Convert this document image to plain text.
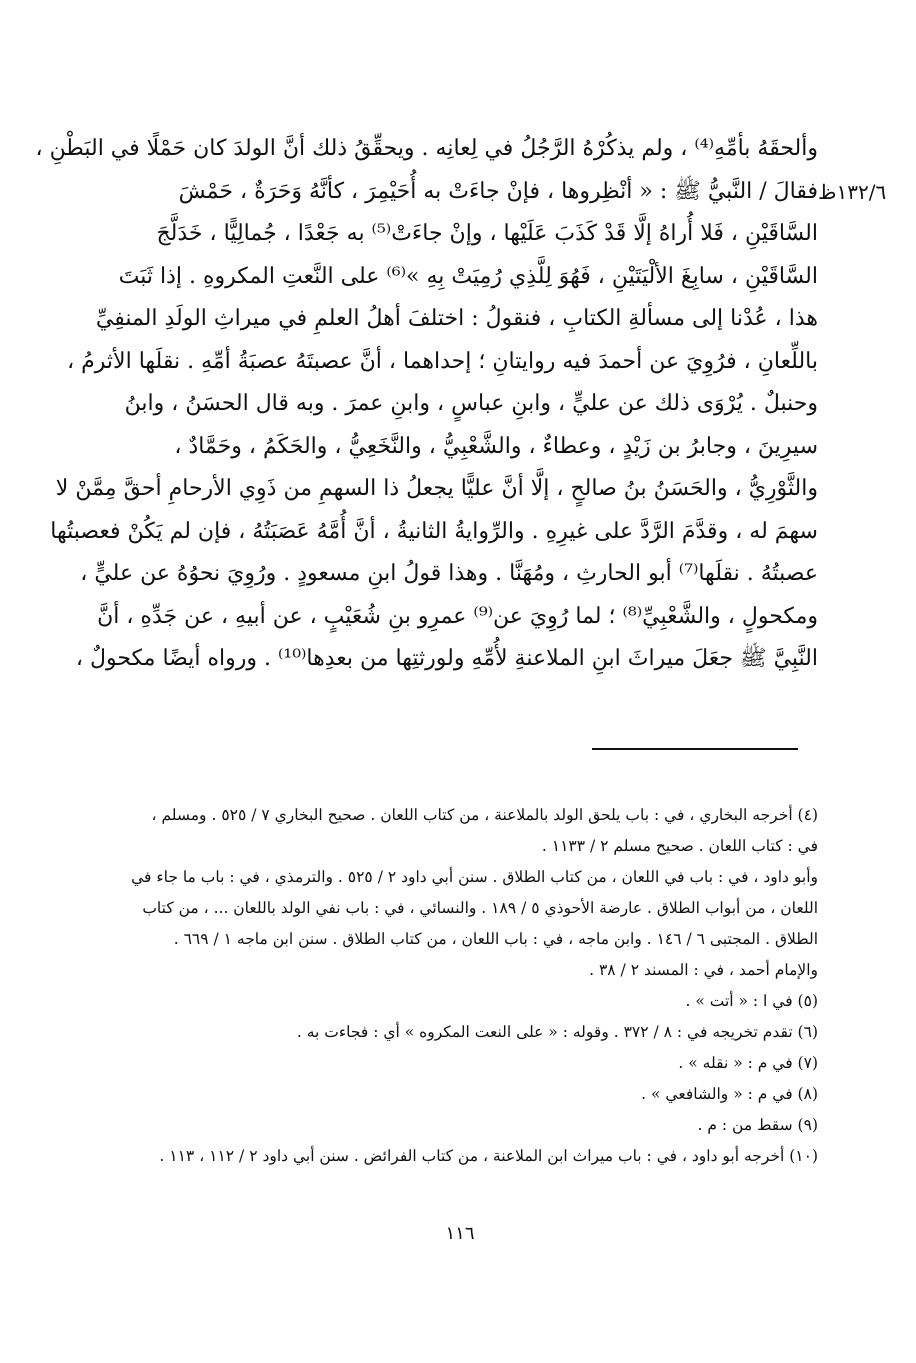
١٣٢/٦ظ
وألحقَهُ بأمِّهِ⁽⁴⁾ ، ولم يذكُرْهُ الرَّجُلُ في لِعانِه . ويحقِّقُ ذلك أنَّ الولدَ كان حَمْلًا في البَطْنِ ،
فقالَ / النَّبيُّ ﷺ : « أنْظِروها ، فإنْ جاءَتْ به أُحَيْمِرَ ، كأنَّهُ وَحَرَةٌ ، حَمْشَ
السَّاقَيْنِ ، فَلا أُراهُ إلَّا قَدْ كَذَبَ عَلَيْها ، وإنْ جاءَتْ⁽⁵⁾ به جَعْدًا ، جُمالِيًّا ، خَدَلَّجَ
السَّاقَيْنِ ، سابِغَ الألْيَتَيْنِ ، فَهُوَ لِلَّذِي رُمِيَتْ بِهِ »⁽⁶⁾ على النَّعتِ المكروهِ . إذا ثَبَتَ
هذا ، عُدْنا إلى مسألةِ الكتابِ ، فنقولُ : اختلفَ أهلُ العلمِ في ميراثِ الولَدِ المنفِيِّ
باللِّعانِ ، فرُوِيَ عن أحمدَ فيه روايتانِ ؛ إحداهما ، أنَّ عصبتَهُ عصبَةُ أمِّهِ . نقلَها الأثرمُ ،
وحنبلٌ . يُرْوَى ذلك عن عليٍّ ، وابنِ عباسٍ ، وابنِ عمرَ . وبه قال الحسَنُ ، وابنُ
سيرِينَ ، وجابرُ بن زَيْدٍ ، وعطاءٌ ، والشَّعْبِيُّ ، والنَّخَعِيُّ ، والحَكَمُ ، وحَمَّادٌ ،
والثَّوْرِيُّ ، والحَسَنُ بنُ صالحٍ ، إلَّا أنَّ عليًّا يجعلُ ذا السهمِ من ذَوِي الأرحامِ أحقَّ مِمَّنْ لا
سهمَ له ، وقدَّمَ الرَّدَّ على غيرِهِ . والرِّوايةُ الثانيةُ ، أنَّ أُمَّهُ عَصَبَتُهُ ، فإن لم يَكُنْ فعصبتُها
عصبتُهُ . نقلَها⁽⁷⁾ أبو الحارثِ ، ومُهَنَّا . وهذا قولُ ابنِ مسعودٍ . ورُوِيَ نحوُهُ عن عليٍّ ،
ومكحولٍ ، والشَّعْبِيِّ⁽⁸⁾ ؛ لما رُوِيَ عن⁽⁹⁾ عمرِو بنِ شُعَيْبٍ ، عن أبيهِ ، عن جَدِّهِ ، أنَّ
النَّبِيَّ ﷺ جعَلَ ميراثَ ابنِ الملاعنةِ لأُمِّهِ ولورثتِها من بعدِها⁽¹⁰⁾ . ورواه أيضًا مكحولٌ ،
(٤) أخرجه البخاري ، في : باب يلحق الولد بالملاعنة ، من كتاب اللعان . صحيح البخاري ٧ / ٥٢٥ . ومسلم ،
في : كتاب اللعان . صحيح مسلم ٢ / ١١٣٣ .
وأبو داود ، في : باب في اللعان ، من كتاب الطلاق . سنن أبي داود ٢ / ٥٢٥ . والترمذي ، في : باب ما جاء في
اللعان ، من أبواب الطلاق . عارضة الأحوذي ٥ / ١٨٩ . والنسائي ، في : باب نفي الولد باللعان ... ، من كتاب
الطلاق . المجتبى ٦ / ١٤٦ . وابن ماجه ، في : باب اللعان ، من كتاب الطلاق . سنن ابن ماجه ١ / ٦٦٩ .
والإمام أحمد ، في : المسند ٢ / ٣٨ .
(٥) في ا : « أتت » .
(٦) تقدم تخريجه في : ٨ / ٣٧٢ . وقوله : « على النعت المكروه » أي : فجاءت به .
(٧) في م : « نقله » .
(٨) في م : « والشافعي » .
(٩) سقط من : م .
(١٠) أخرجه أبو داود ، في : باب ميراث ابن الملاعنة ، من كتاب الفرائض . سنن أبي داود ٢ / ١١٢ ، ١١٣ .
١١٦
